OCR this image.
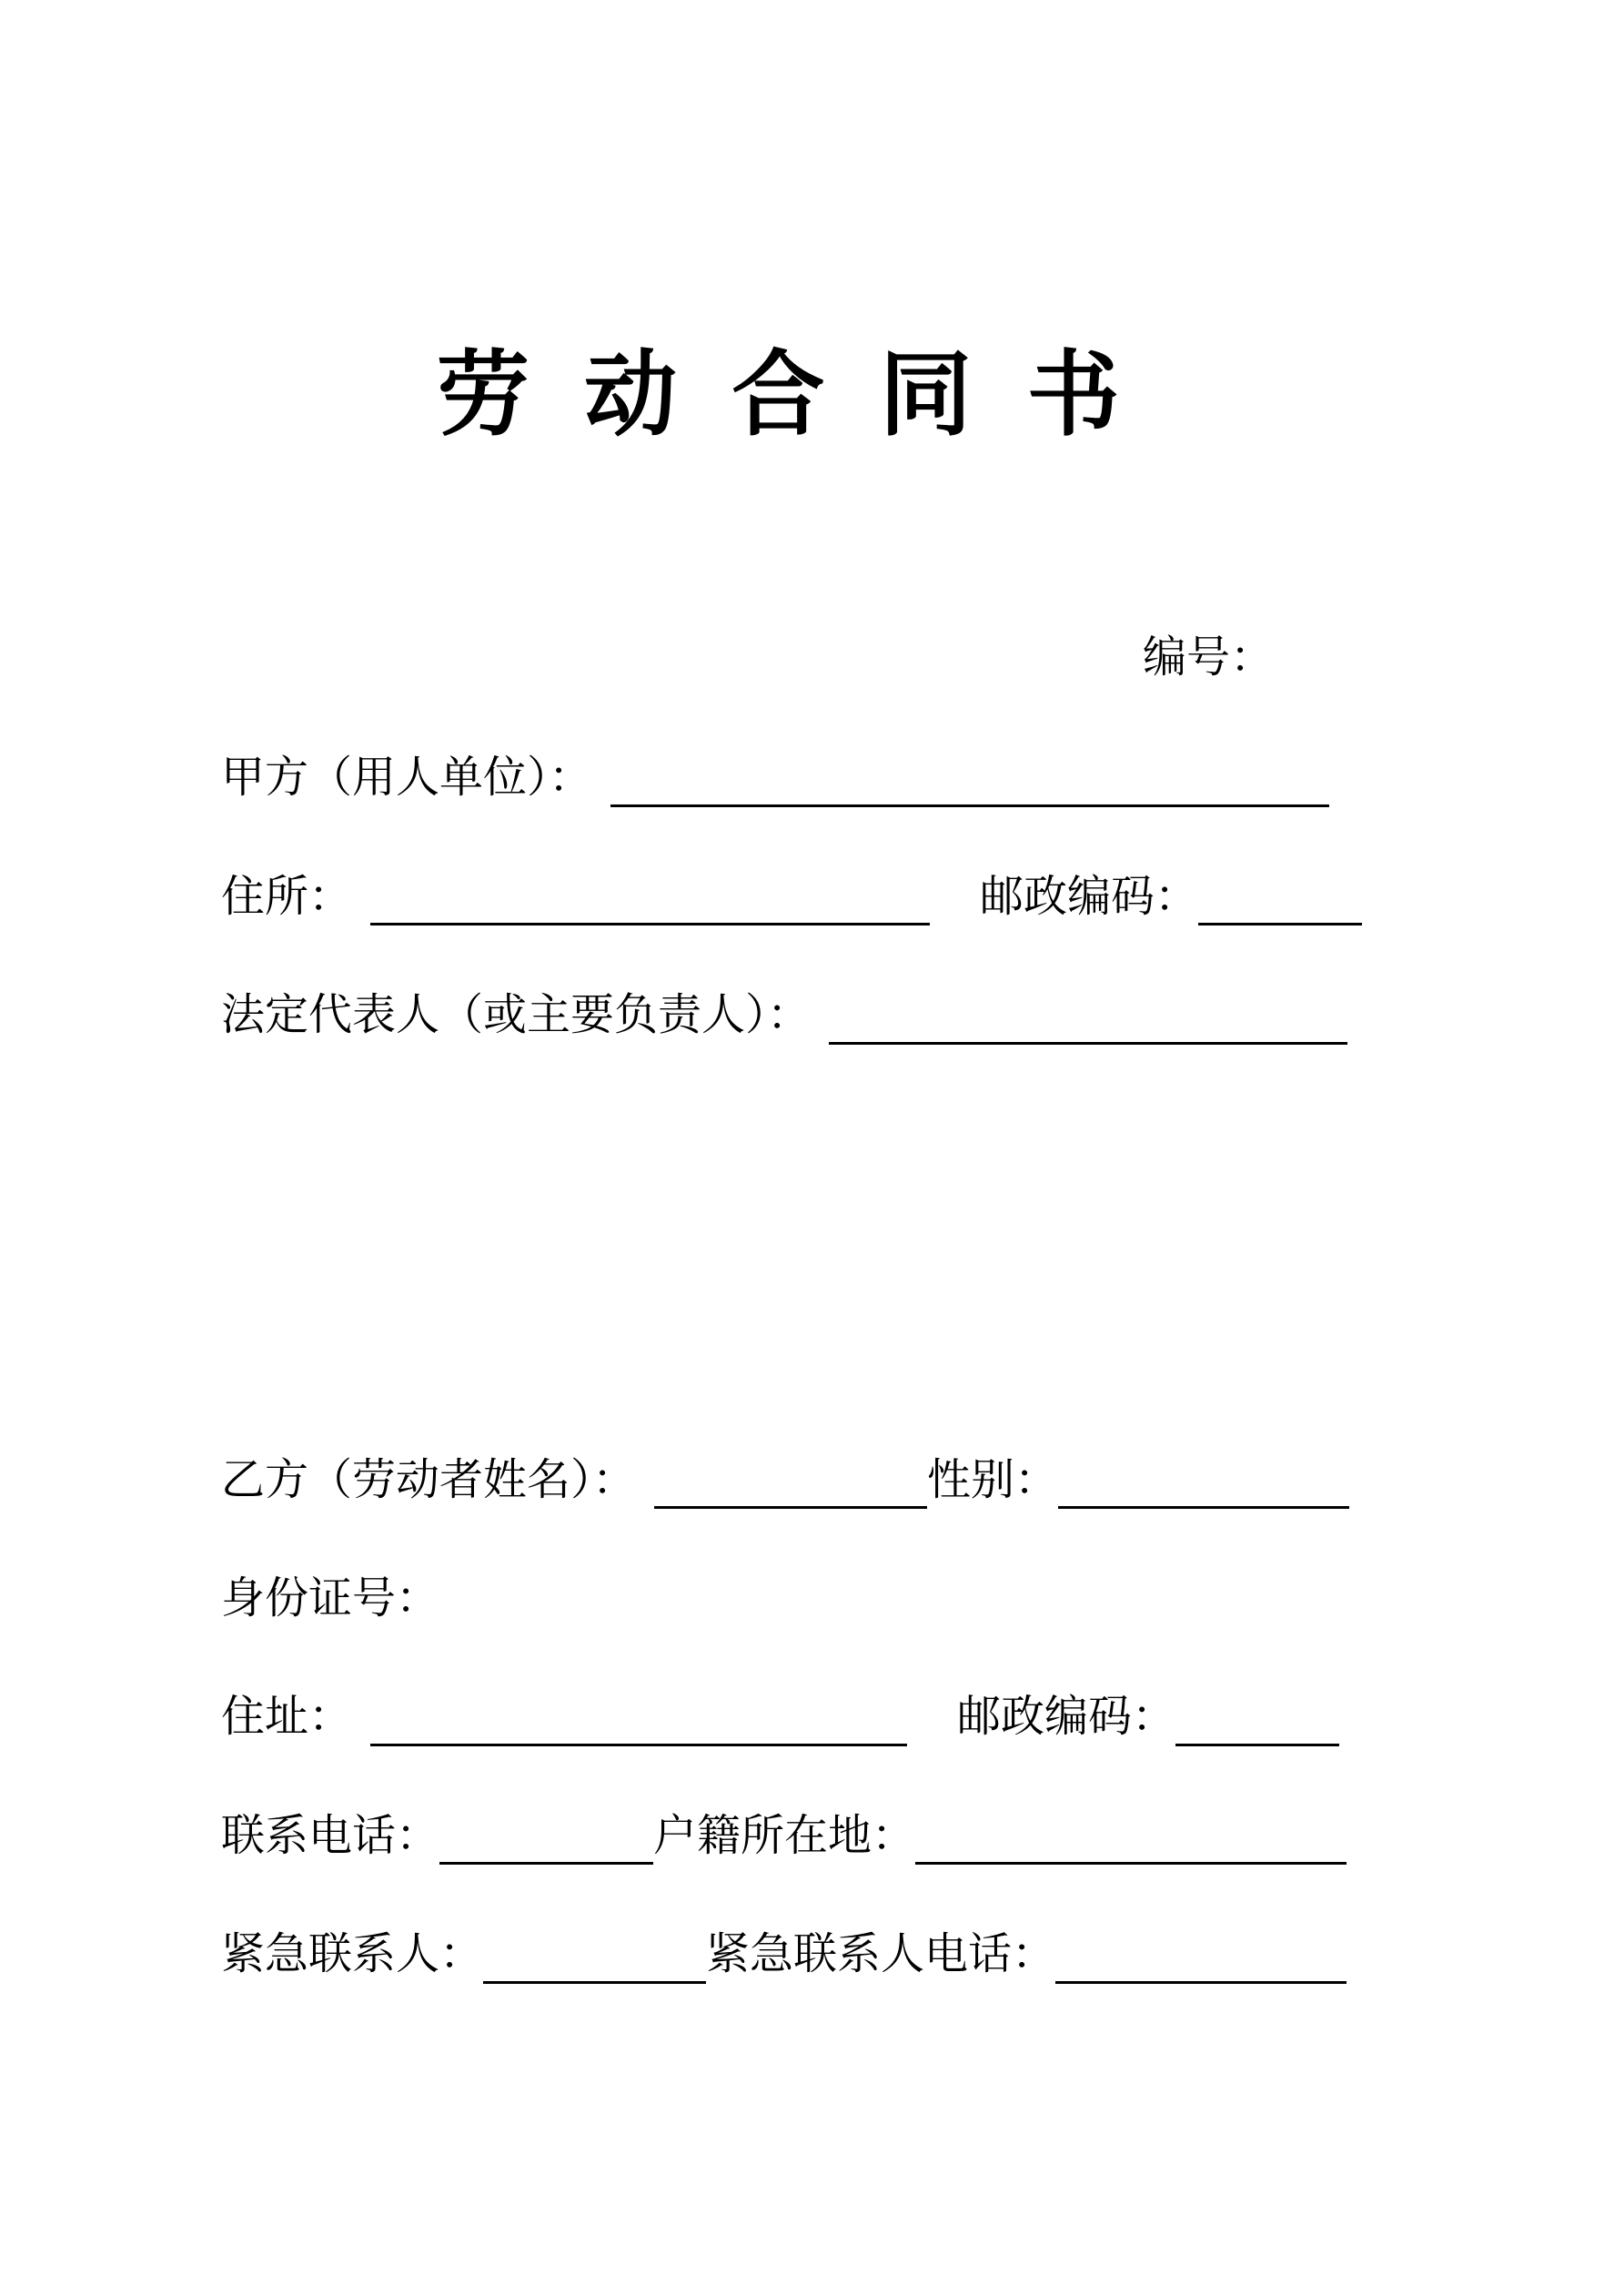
劳 动 合 同 书
编号：
甲方（用人单位）：
住所：	邮政编码：
法定代表人（或主要负责人）：
乙方（劳动者姓名）：	性别：
身份证号：
住址：	邮政编码：
联系电话：	户籍所在地：
紧急联系人：	紧急联系人电话：
